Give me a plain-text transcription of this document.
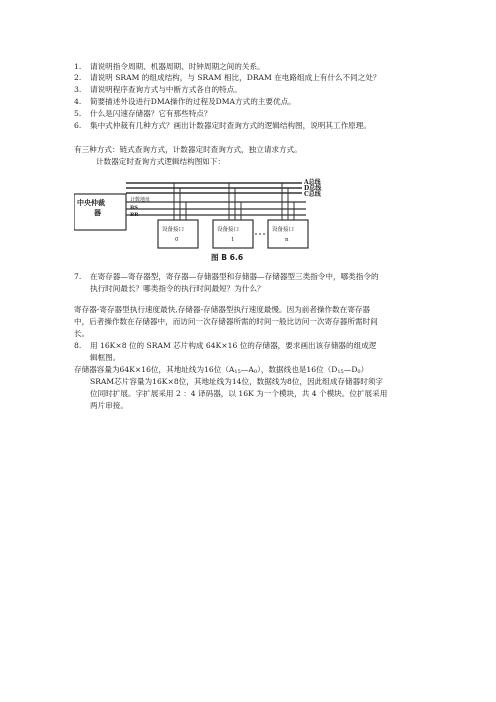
1. 请说明指令周期、机器周期、时钟周期之间的关系。
2. 请说明 SRAM 的组成结构，与 SRAM 相比，DRAM 在电路组成上有什么不同之处？
3. 请说明程序查询方式与中断方式各自的特点。
4. 简要描述外设进行DMA操作的过程及DMA方式的主要优点。
5. 什么是闪速存储器？它有那些特点？
6. 集中式仲裁有几种方式？画出计数器定时查询方式的逻辑结构图，说明其工作原理。
有三种方式：链式查询方式，计数器定时查询方式，独立请求方式。
计数器定时查询方式逻辑结构图如下：
中央仲裁
器
A总线
D总线
C总线
计数地址
BS
BR
设备接口
0
设备接口
1
设备接口
n
图 B 6.6
7. 在寄存器—寄存器型，寄存器—存储器型和存储器—存储器型三类指令中，哪类指令的
执行时间最长？哪类指令的执行时间最短？为什么？
寄存器-寄存器型执行速度最快,存储器-存储器型执行速度最慢。因为前者操作数在寄存器
中，后者操作数在存储器中，而访问一次存储器所需的时间一般比访问一次寄存器所需时间
长。
8. 用 16K×8 位的 SRAM 芯片构成 64K×16 位的存储器，要求画出该存储器的组成逻
辑框图。
存储器容量为64K×16位，其地址线为16位$(A_{15}—A_0)$，数据线也是16位$(D_{15}—D_0)$
SRAM芯片容量为16K×8位，其地址线为14位，数据线为8位，因此组成存储器时须字
位同时扩展。字扩展采用 2 ：4 译码器，以 16K 为一个模块，共 4 个模块。位扩展采用
两片串接。
